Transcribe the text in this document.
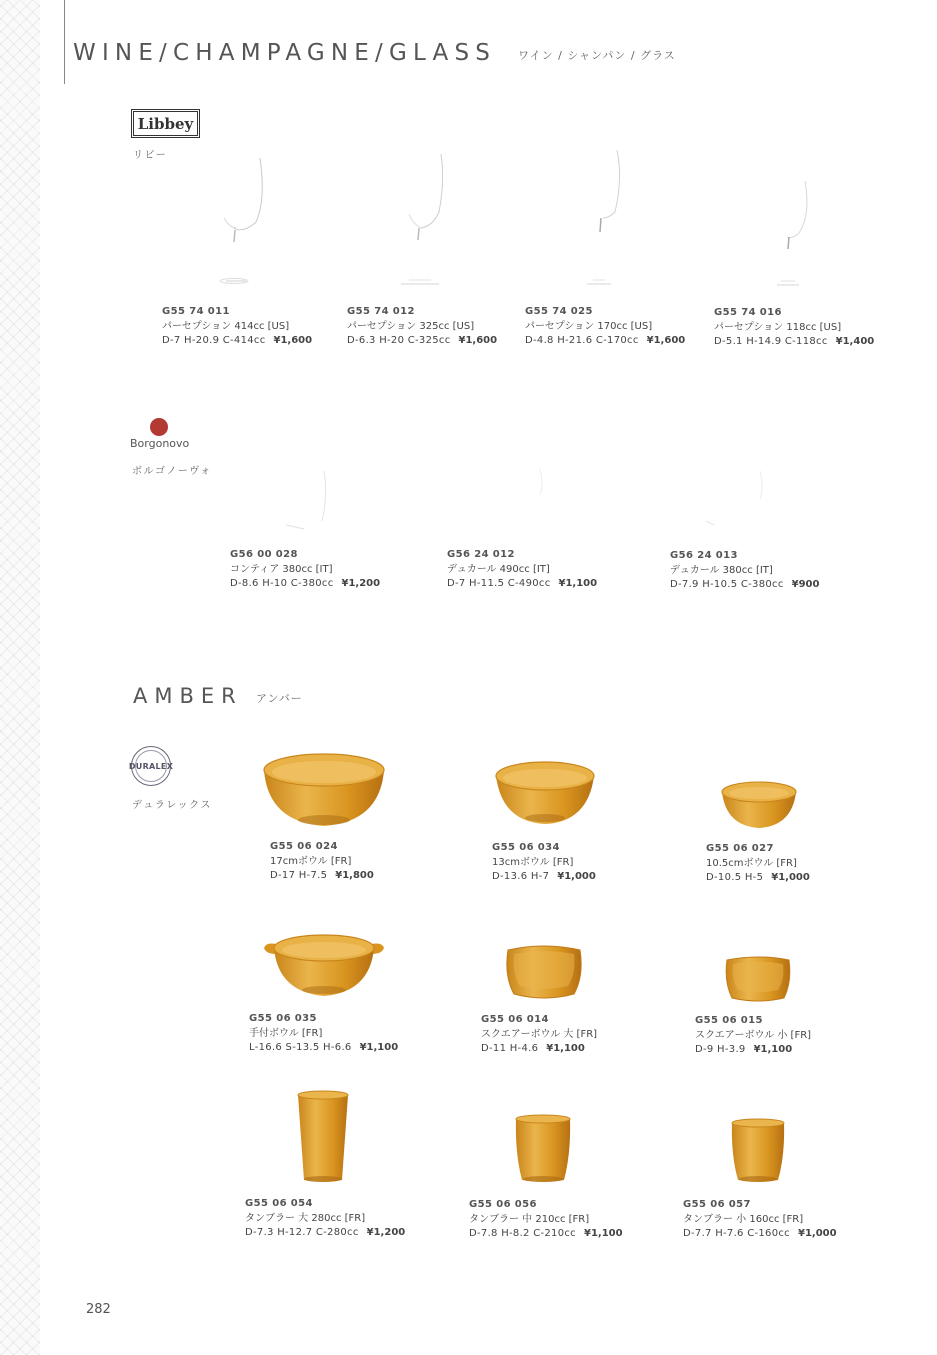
WINE/CHAMPAGNE/GLASS ワイン / シャンパン / グラス
Libbey
リビー
G55 74 011
パーセプション 414cc [US]
D-7 H-20.9 C-414cc ¥1,600
G55 74 012
パーセプション 325cc [US]
D-6.3 H-20 C-325cc ¥1,600
G55 74 025
パーセプション 170cc [US]
D-4.8 H-21.6 C-170cc ¥1,600
G55 74 016
パーセプション 118cc [US]
D-5.1 H-14.9 C-118cc ¥1,400
Borgonovo
ボルゴノーヴォ
G56 00 028
コンティア 380cc [IT]
D-8.6 H-10 C-380cc ¥1,200
G56 24 012
デュカール 490cc [IT]
D-7 H-11.5 C-490cc ¥1,100
G56 24 013
デュカール 380cc [IT]
D-7.9 H-10.5 C-380cc ¥900
AMBER アンバー
DURALEX
デュラレックス
G55 06 024
17cmボウル [FR]
D-17 H-7.5 ¥1,800
G55 06 034
13cmボウル [FR]
D-13.6 H-7 ¥1,000
G55 06 027
10.5cmボウル [FR]
D-10.5 H-5 ¥1,000
G55 06 035
手付ボウル [FR]
L-16.6 S-13.5 H-6.6 ¥1,100
G55 06 014
スクエアーボウル 大 [FR]
D-11 H-4.6 ¥1,100
G55 06 015
スクエアーボウル 小 [FR]
D-9 H-3.9 ¥1,100
G55 06 054
タンブラー 大 280cc [FR]
D-7.3 H-12.7 C-280cc ¥1,200
G55 06 056
タンブラー 中 210cc [FR]
D-7.8 H-8.2 C-210cc ¥1,100
G55 06 057
タンブラー 小 160cc [FR]
D-7.7 H-7.6 C-160cc ¥1,000
282
